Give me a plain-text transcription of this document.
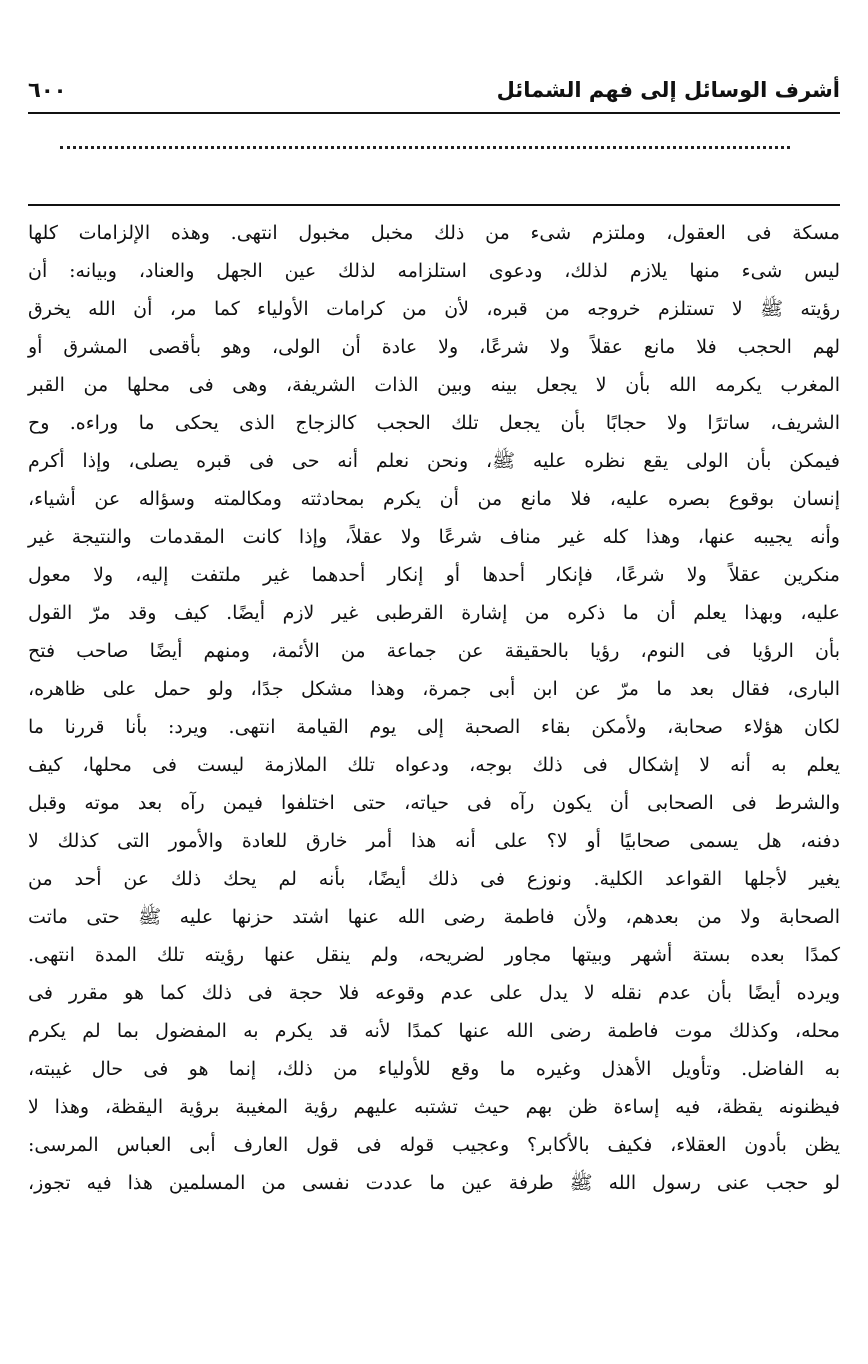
أشرف الوسائل إلى فهم الشمائل
٦٠٠
مسكة فى العقول، وملتزم شىء من ذلك مخبل مخبول انتهى. وهذه الإلزامات كلها
ليس شىء منها يلازم لذلك، ودعوى استلزامه لذلك عين الجهل والعناد، وبيانه: أن
رؤيته ﷺ لا تستلزم خروجه من قبره، لأن من كرامات الأولياء كما مر، أن الله يخرق
لهم الحجب فلا مانع عقلاً ولا شرعًا، ولا عادة أن الولى، وهو بأقصى المشرق أو
المغرب يكرمه الله بأن لا يجعل بينه وبين الذات الشريفة، وهى فى محلها من القبر
الشريف، ساترًا ولا حجابًا بأن يجعل تلك الحجب كالزجاج الذى يحكى ما وراءه. وح
فيمكن بأن الولى يقع نظره عليه ﷺ، ونحن نعلم أنه حى فى قبره يصلى، وإذا أكرم
إنسان بوقوع بصره عليه، فلا مانع من أن يكرم بمحادثته ومكالمته وسؤاله عن أشياء،
وأنه يجيبه عنها، وهذا كله غير مناف شرعًا ولا عقلاً، وإذا كانت المقدمات والنتيجة غير
منكرين عقلاً ولا شرعًا، فإنكار أحدها أو إنكار أحدهما غير ملتفت إليه، ولا معول
عليه، وبهذا يعلم أن ما ذكره من إشارة القرطبى غير لازم أيضًا. كيف وقد مرّ القول
بأن الرؤيا فى النوم، رؤيا بالحقيقة عن جماعة من الأئمة، ومنهم أيضًا صاحب فتح
البارى، فقال بعد ما مرّ عن ابن أبى جمرة، وهذا مشكل جدًا، ولو حمل على ظاهره،
لكان هؤلاء صحابة، ولأمكن بقاء الصحبة إلى يوم القيامة انتهى. ويرد: بأنا قررنا ما
يعلم به أنه لا إشكال فى ذلك بوجه، ودعواه تلك الملازمة ليست فى محلها، كيف
والشرط فى الصحابى أن يكون رآه فى حياته، حتى اختلفوا فيمن رآه بعد موته وقبل
دفنه، هل يسمى صحابيًا أو لا؟ على أنه هذا أمر خارق للعادة والأمور التى كذلك لا
يغير لأجلها القواعد الكلية. ونوزع فى ذلك أيضًا، بأنه لم يحك ذلك عن أحد من
الصحابة ولا من بعدهم، ولأن فاطمة رضى الله عنها اشتد حزنها عليه ﷺ حتى ماتت
كمدًا بعده بستة أشهر وبيتها مجاور لضريحه، ولم ينقل عنها رؤيته تلك المدة انتهى.
ويرده أيضًا بأن عدم نقله لا يدل على عدم وقوعه فلا حجة فى ذلك كما هو مقرر فى
محله، وكذلك موت فاطمة رضى الله عنها كمدًا لأنه قد يكرم به المفضول بما لم يكرم
به الفاضل. وتأويل الأهذل وغيره ما وقع للأولياء من ذلك، إنما هو فى حال غيبته،
فيظنونه يقظة، فيه إساءة ظن بهم حيث تشتبه عليهم رؤية المغيبة برؤية اليقظة، وهذا لا
يظن بأدون العقلاء، فكيف بالأكابر؟ وعجيب قوله فى قول العارف أبى العباس المرسى:
لو حجب عنى رسول الله ﷺ طرفة عين ما عددت نفسى من المسلمين هذا فيه تجوز،
